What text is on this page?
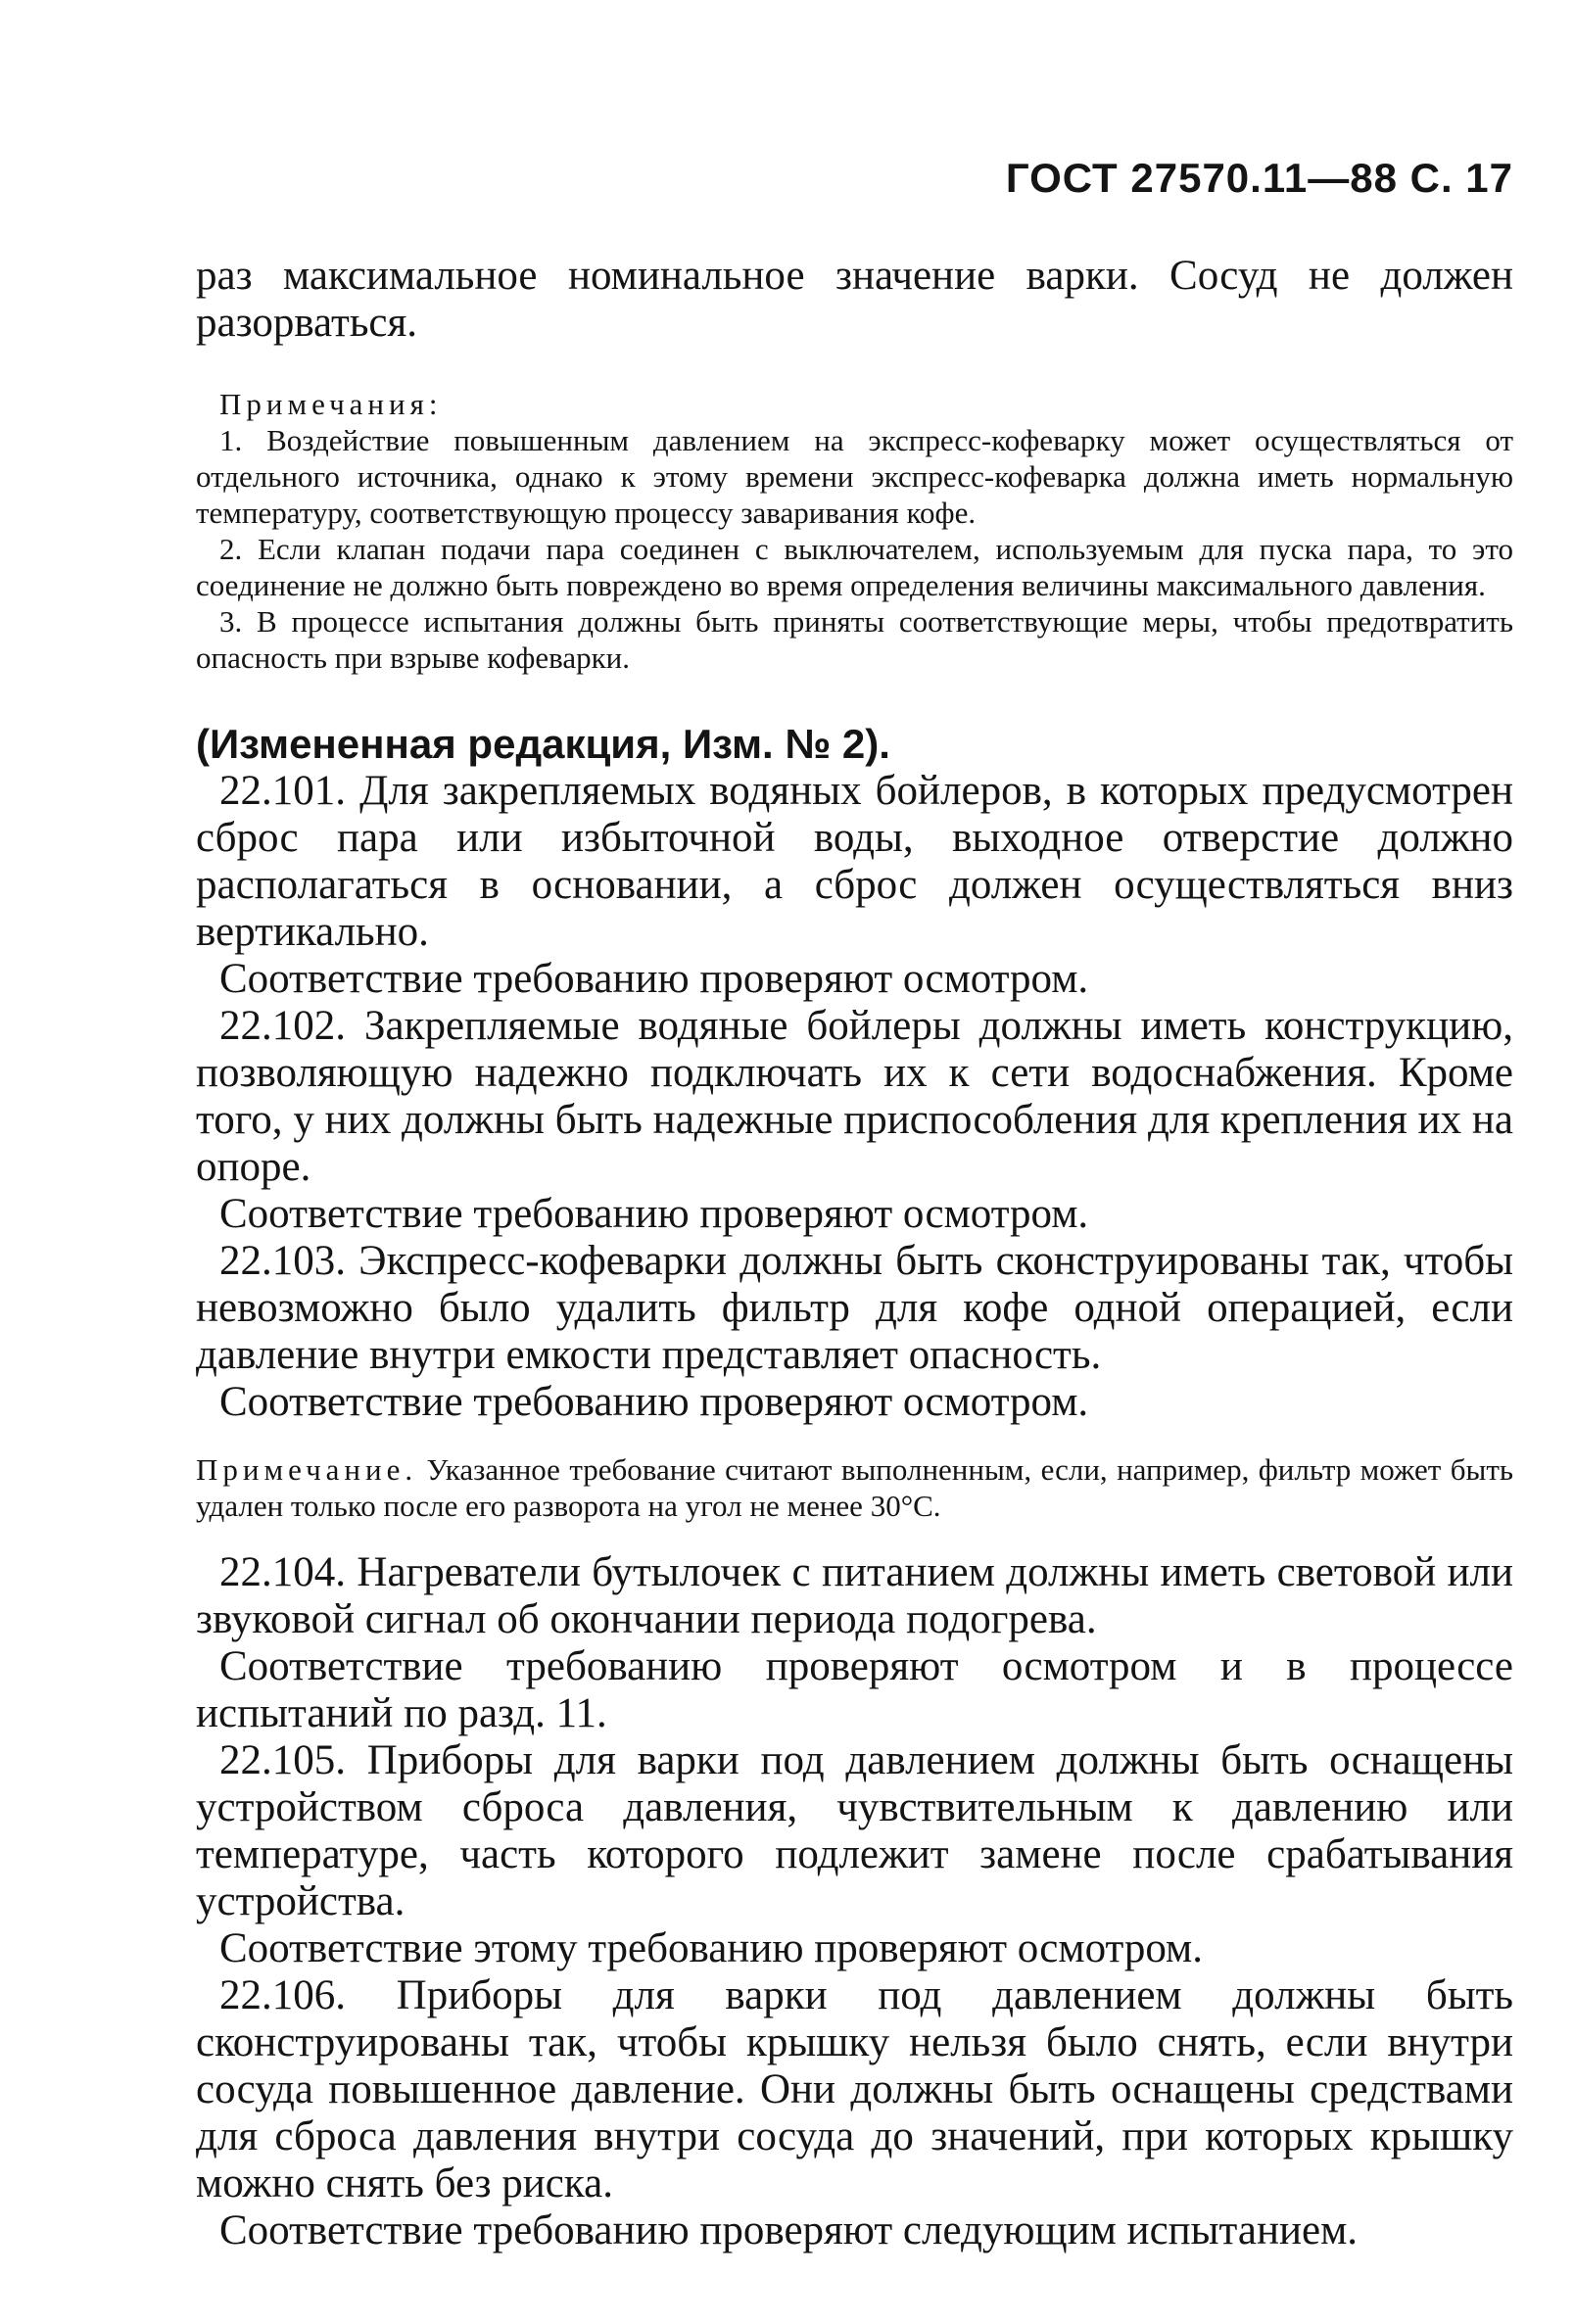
ГОСТ 27570.11—88 С. 17

раз максимальное номинальное значение варки. Сосуд не должен разорваться.

Примечания:

1. Воздействие повышенным давлением на экспресс-кофеварку может осуществляться от отдельного источника, однако к этому времени экспресс-кофеварка должна иметь нормальную температуру, соответствующую процессу заваривания кофе.

2. Если клапан подачи пара соединен с выключателем, используемым для пуска пара, то это соединение не должно быть повреждено во время определения величины максимального давления.

3. В процессе испытания должны быть приняты соответствующие меры, чтобы предотвратить опасность при взрыве кофеварки.

(Измененная редакция, Изм. № 2).

22.101. Для закрепляемых водяных бойлеров, в которых предусмотрен сброс пара или избыточной воды, выходное отверстие должно располагаться в основании, а сброс должен осуществляться вниз вертикально.

Соответствие требованию проверяют осмотром.

22.102. Закрепляемые водяные бойлеры должны иметь конструкцию, позволяющую надежно подключать их к сети водоснабжения. Кроме того, у них должны быть надежные приспособления для крепления их на опоре.

Соответствие требованию проверяют осмотром.

22.103. Экспресс-кофеварки должны быть сконструированы так, чтобы невозможно было удалить фильтр для кофе одной операцией, если давление внутри емкости представляет опасность.

Соответствие требованию проверяют осмотром.

Примечание. Указанное требование считают выполненным, если, например, фильтр может быть удален только после его разворота на угол не менее 30°С.

22.104. Нагреватели бутылочек с питанием должны иметь световой или звуковой сигнал об окончании периода подогрева.

Соответствие требованию проверяют осмотром и в процессе испытаний по разд. 11.

22.105. Приборы для варки под давлением должны быть оснащены устройством сброса давления, чувствительным к давлению или температуре, часть которого подлежит замене после срабатывания устройства.

Соответствие этому требованию проверяют осмотром.

22.106. Приборы для варки под давлением должны быть сконструированы так, чтобы крышку нельзя было снять, если внутри сосуда повышенное давление. Они должны быть оснащены средствами для сброса давления внутри сосуда до значений, при которых крышку можно снять без риска.

Соответствие требованию проверяют следующим испытанием.
